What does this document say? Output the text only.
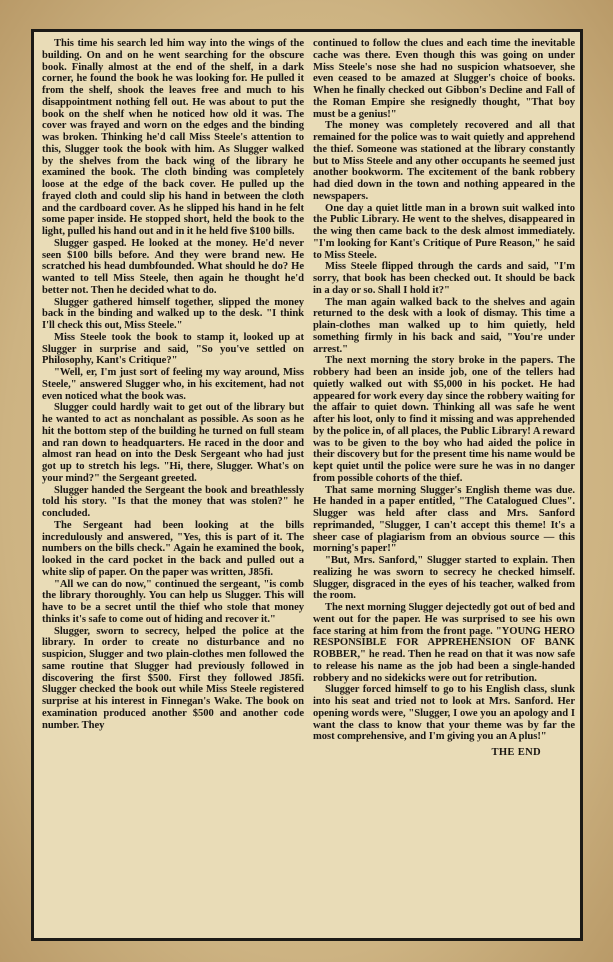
This time his search led him way into the wings of the building. On and on he went searching for the obscure book. Finally almost at the end of the shelf, in a dark corner, he found the book he was looking for. He pulled it from the shelf, shook the leaves free and much to his disappointment nothing fell out. He was about to put the book on the shelf when he noticed how old it was. The cover was frayed and worn on the edges and the binding was broken. Thinking he'd call Miss Steele's attention to this, Slugger took the book with him. As Slugger walked by the shelves from the back wing of the library he examined the book. The cloth binding was completely loose at the edge of the back cover. He pulled up the frayed cloth and could slip his hand in between the cloth and the cardboard cover. As he slipped his hand in he felt some paper inside. He stopped short, held the book to the light, pulled his hand out and in it he held five $100 bills.

Slugger gasped. He looked at the money. He'd never seen $100 bills before. And they were brand new. He scratched his head dumbfounded. What should he do? He wanted to tell Miss Steele, then again he thought he'd better not. Then he decided what to do.

Slugger gathered himself together, slipped the money back in the binding and walked up to the desk. "I think I'll check this out, Miss Steele."

Miss Steele took the book to stamp it, looked up at Slugger in surprise and said, "So you've settled on Philosophy, Kant's Critique?"

"Well, er, I'm just sort of feeling my way around, Miss Steele," answered Slugger who, in his excitement, had not even noticed what the book was.

Slugger could hardly wait to get out of the library but he wanted to act as nonchalant as possible. As soon as he hit the bottom step of the building he turned on full steam and ran down to headquarters. He raced in the door and almost ran head on into the Desk Sergeant who had just got up to stretch his legs. "Hi, there, Slugger. What's on your mind?" the Sergeant greeted.

Slugger handed the Sergeant the book and breathlessly told his story. "Is that the money that was stolen?" he concluded.

The Sergeant had been looking at the bills incredulously and answered, "Yes, this is part of it. The numbers on the bills check." Again he examined the book, looked in the card pocket in the back and pulled out a white slip of paper. On the paper was written, J85fi.

"All we can do now," continued the sergeant, "is comb the library thoroughly. You can help us Slugger. This will have to be a secret until the thief who stole that money thinks it's safe to come out of hiding and recover it."

Slugger, sworn to secrecy, helped the police at the library. In order to create no disturbance and no suspicion, Slugger and two plain-clothes men followed the same routine that Slugger had previously followed in discovering the first $500. First they followed J85fi. Slugger checked the book out while Miss Steele registered surprise at his interest in Finnegan's Wake. The book on examination produced another $500 and another code number. They

continued to follow the clues and each time the inevitable cache was there. Even though this was going on under Miss Steele's nose she had no suspicion whatsoever, she even ceased to be amazed at Slugger's choice of books. When he finally checked out Gibbon's Decline and Fall of the Roman Empire she resignedly thought, "That boy must be a genius!"

The money was completely recovered and all that remained for the police was to wait quietly and apprehend the thief. Someone was stationed at the library constantly but to Miss Steele and any other occupants he seemed just another bookworm. The excitement of the bank robbery had died down in the town and nothing appeared in the newspapers.

One day a quiet little man in a brown suit walked into the Public Library. He went to the shelves, disappeared in the wing then came back to the desk almost immediately. "I'm looking for Kant's Critique of Pure Reason," he said to Miss Steele.

Miss Steele flipped through the cards and said, "I'm sorry, that book has been checked out. It should be back in a day or so. Shall I hold it?"

The man again walked back to the shelves and again returned to the desk with a look of dismay. This time a plain-clothes man walked up to him quietly, held something firmly in his back and said, "You're under arrest."

The next morning the story broke in the papers. The robbery had been an inside job, one of the tellers had quietly walked out with $5,000 in his pocket. He had appeared for work every day since the robbery waiting for the affair to quiet down. Thinking all was safe he went after his loot, only to find it missing and was apprehended by the police in, of all places, the Public Library! A reward was to be given to the boy who had aided the police in their discovery but for the present time his name would be kept quiet until the police were sure he was in no danger from possible cohorts of the thief.

That same morning Slugger's English theme was due. He handed in a paper entitled, "The Catalogued Clues". Slugger was held after class and Mrs. Sanford reprimanded, "Slugger, I can't accept this theme! It's a sheer case of plagiarism from an obvious source — this morning's paper!"

"But, Mrs. Sanford," Slugger started to explain. Then realizing he was sworn to secrecy he checked himself. Slugger, disgraced in the eyes of his teacher, walked from the room.

The next morning Slugger dejectedly got out of bed and went out for the paper. He was surprised to see his own face staring at him from the front page. "YOUNG HERO RESPONSIBLE FOR APPREHENSION OF BANK ROBBER," he read. Then he read on that it was now safe to release his name as the job had been a single-handed robbery and no sidekicks were out for retribution.

Slugger forced himself to go to his English class, slunk into his seat and tried not to look at Mrs. Sanford. Her opening words were, "Slugger, I owe you an apology and I want the class to know that your theme was by far the most comprehensive, and I'm giving you an A plus!"

THE END
